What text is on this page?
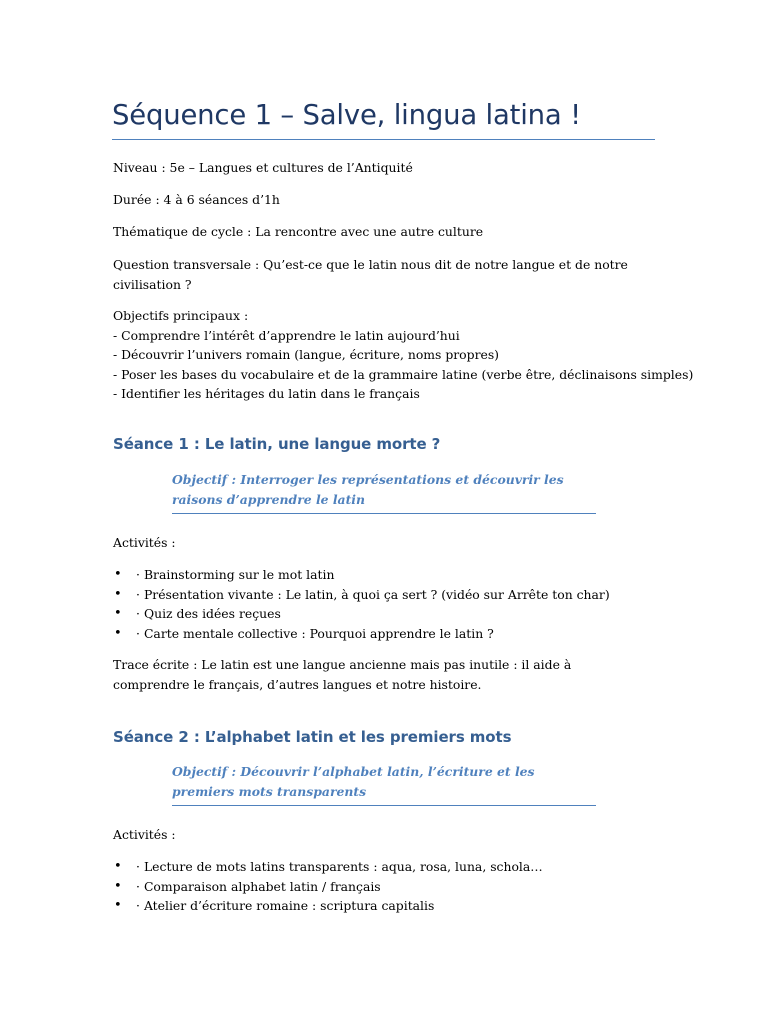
Séquence 1 – Salve, lingua latina !

Niveau : 5e – Langues et cultures de l’Antiquité

Durée : 4 à 6 séances d’1h

Thématique de cycle : La rencontre avec une autre culture

Question transversale : Qu’est-ce que le latin nous dit de notre langue et de notre civilisation ?

Objectifs principaux :
- Comprendre l’intérêt d’apprendre le latin aujourd’hui
- Découvrir l’univers romain (langue, écriture, noms propres)
- Poser les bases du vocabulaire et de la grammaire latine (verbe être, déclinaisons simples)
- Identifier les héritages du latin dans le français
Séance 1 : Le latin, une langue morte ?
Objectif : Interroger les représentations et découvrir les raisons d’apprendre le latin

Activités :

• · Brainstorming sur le mot latin
• · Présentation vivante : Le latin, à quoi ça sert ? (vidéo sur Arrête ton char)
• · Quiz des idées reçues
• · Carte mentale collective : Pourquoi apprendre le latin ?

Trace écrite : Le latin est une langue ancienne mais pas inutile : il aide à comprendre le français, d’autres langues et notre histoire.

Séance 2 : L’alphabet latin et les premiers mots
Objectif : Découvrir l’alphabet latin, l’écriture et les premiers mots transparents

Activités :

• · Lecture de mots latins transparents : aqua, rosa, luna, schola…
• · Comparaison alphabet latin / français
• · Atelier d’écriture romaine : scriptura capitalis
